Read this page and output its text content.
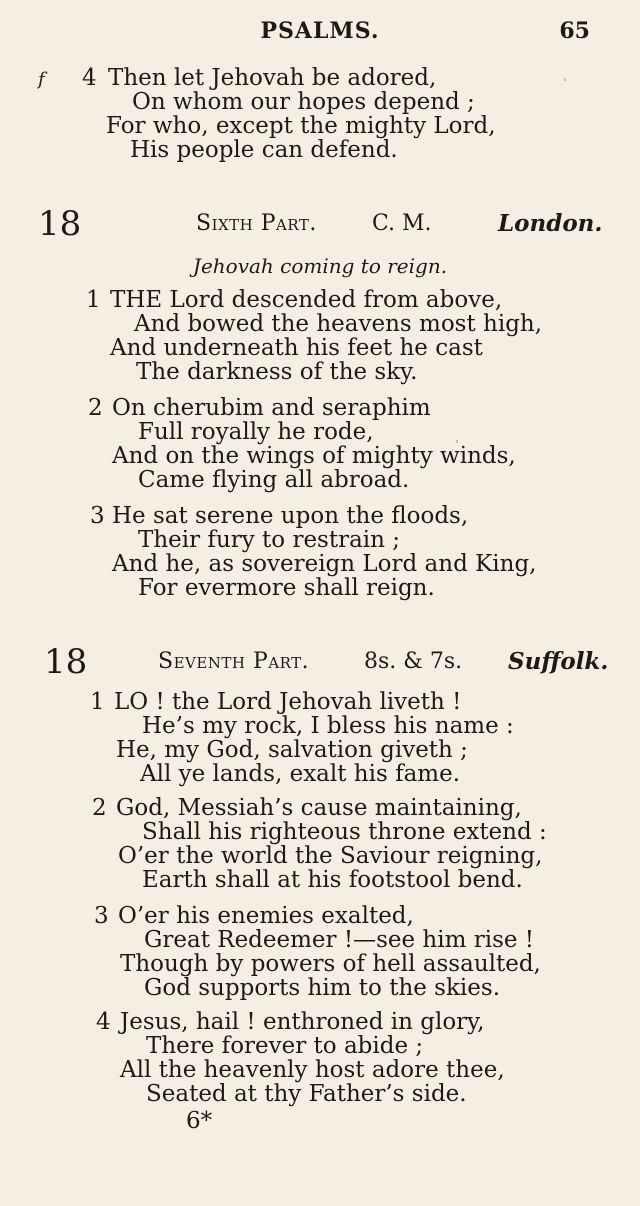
PSALMS.	65
f 4 Then let Jehovah be adored,
On whom our hopes depend ;
For who, except the mighty Lord,
His people can defend.
18	Sixth Part.	C. M.	London.
Jehovah coming to reign.
1 THE Lord descended from above,
And bowed the heavens most high,
And underneath his feet he cast
The darkness of the sky.
2 On cherubim and seraphim
Full royally he rode,
And on the wings of mighty winds,
Came flying all abroad.
3 He sat serene upon the floods,
Their fury to restrain ;
And he, as sovereign Lord and King,
For evermore shall reign.
18	Seventh Part. 8s. & 7s. Suffolk.
1 LO ! the Lord Jehovah liveth !
He’s my rock, I bless his name :
He, my God, salvation giveth ;
All ye lands, exalt his fame.
2 God, Messiah’s cause maintaining,
Shall his righteous throne extend :
O’er the world the Saviour reigning,
Earth shall at his footstool bend.
3 O’er his enemies exalted,
Great Redeemer !—see him rise !
Though by powers of hell assaulted,
God supports him to the skies.
4 Jesus, hail ! enthroned in glory,
There forever to abide ;
All the heavenly host adore thee,
Seated at thy Father’s side.
6*
